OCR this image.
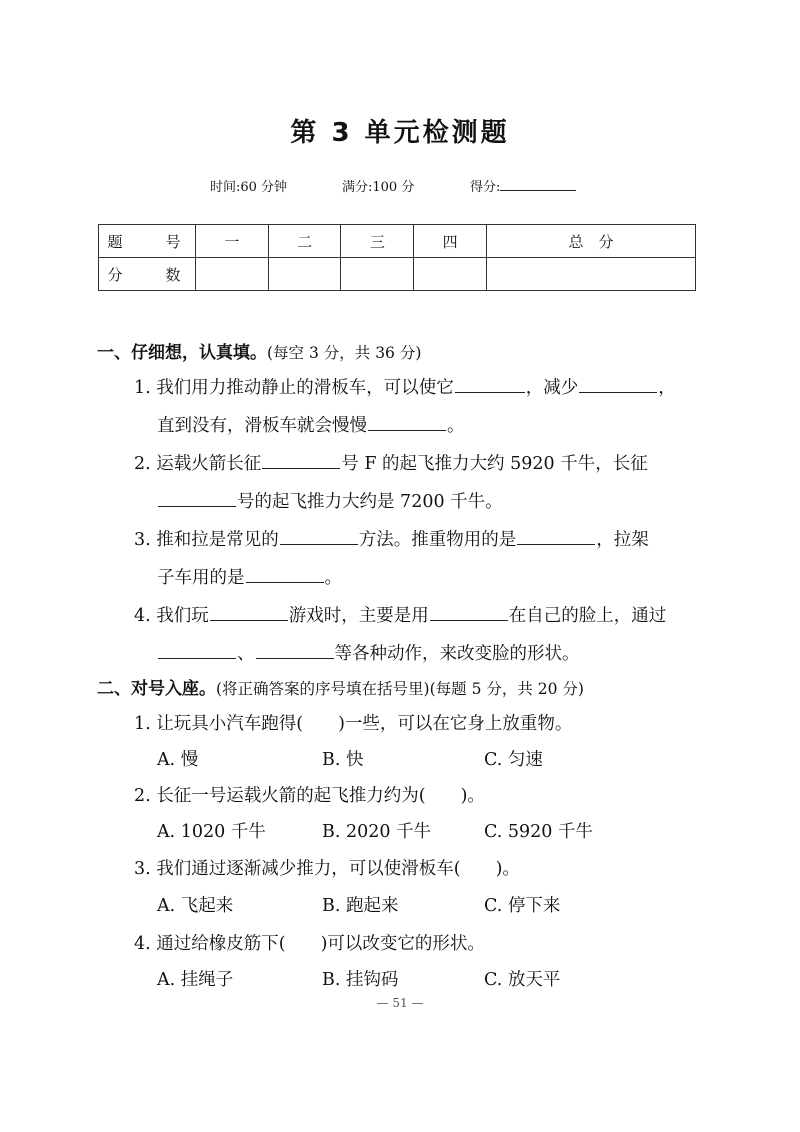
第 3 单元检测题
时间:60 分钟	满分:100 分	得分:
题　号	一	二	三	四	总　分
分　数					
一、仔细想，认真填。(每空 3 分，共 36 分)
1. 我们用力推动静止的滑板车，可以使它	，减少	，
直到没有，滑板车就会慢慢	。
2. 运载火箭长征	号 F 的起飞推力大约 5920 千牛，长征
号的起飞推力大约是 7200 千牛。
3. 推和拉是常见的	方法。推重物用的是	，拉架
子车用的是	。
4. 我们玩	游戏时，主要是用	在自己的脸上，通过
、	等各种动作，来改变脸的形状。
二、对号入座。(将正确答案的序号填在括号里)(每题 5 分，共 20 分)
1. 让玩具小汽车跑得(　　)一些，可以在它身上放重物。
A. 慢	B. 快	C. 匀速
2. 长征一号运载火箭的起飞推力约为(　　)。
A. 1020 千牛	B. 2020 千牛	C. 5920 千牛
3. 我们通过逐渐减少推力，可以使滑板车(　　)。
A. 飞起来	B. 跑起来	C. 停下来
4. 通过给橡皮筋下(　　)可以改变它的形状。
A. 挂绳子	B. 挂钩码	C. 放天平
— 51 —
